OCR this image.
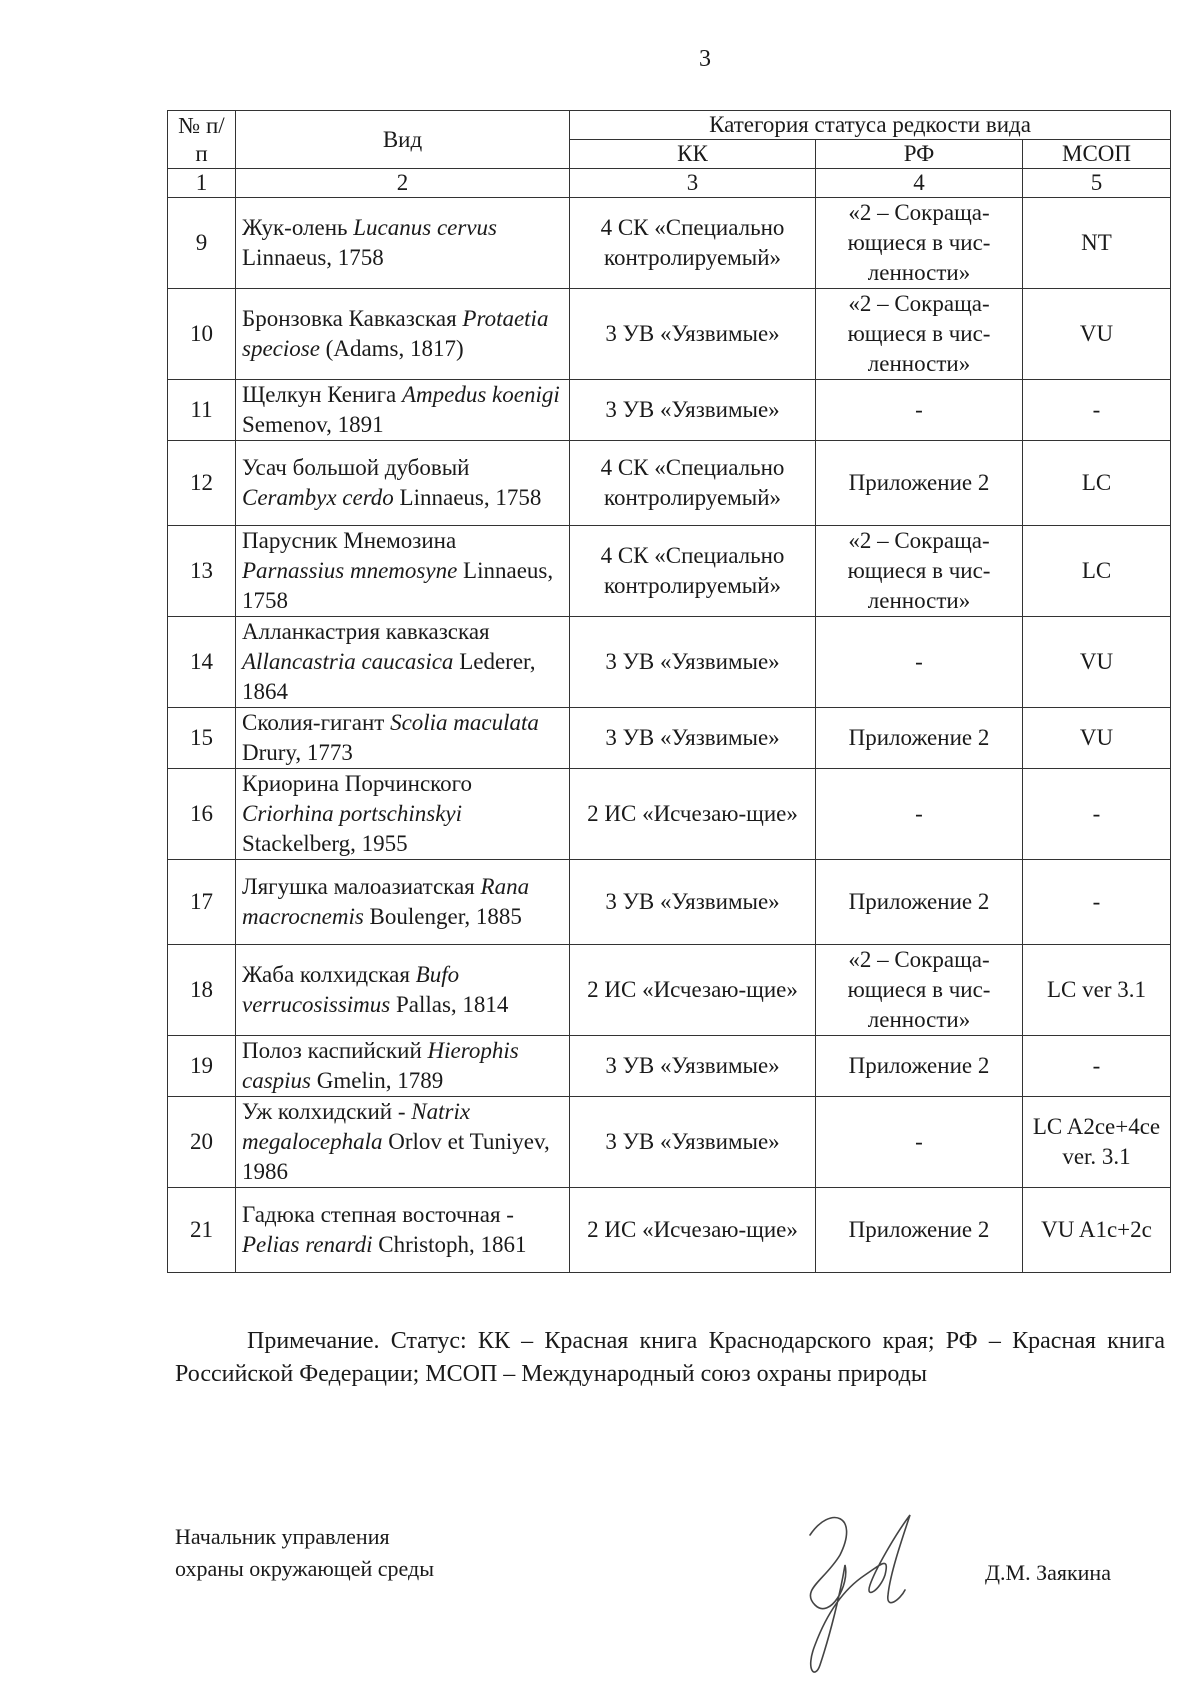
3
№ п/п	Вид	Категория статуса редкости вида		
		КК	РФ	МСОП
1	2	3	4	5
9	Жук-олень Lucanus cervus Linnaeus, 1758	4 СК «Специально контролируемый»	«2 – Сокраща-ющиеся в чис-ленности»	NT
10	Бронзовка Кавказская Protaetia speciose (Adams, 1817)	3 УВ «Уязвимые»	«2 – Сокраща-ющиеся в чис-ленности»	VU
11	Щелкун Кенига Ampedus koenigi Semenov, 1891	3 УВ «Уязвимые»	-	-
12	Усач большой дубовый Cerambyx cerdo Linnaeus, 1758	4 СК «Специально контролируемый»	Приложение 2	LC
13	Парусник Мнемозина Parnassius mnemosyne Linnaeus, 1758	4 СК «Специально контролируемый»	«2 – Сокраща-ющиеся в чис-ленности»	LC
14	Алланкастрия кавказская Allancastria caucasica Lederer, 1864	3 УВ «Уязвимые»	-	VU
15	Сколия-гигант Scolia maculata Drury, 1773	3 УВ «Уязвимые»	Приложение 2	VU
16	Криорина Порчинского Criorhina portschinskyi Stackelberg, 1955	2 ИС «Исчезаю-щие»	-	-
17	Лягушка малоазиатская Rana macrocnemis Boulenger, 1885	3 УВ «Уязвимые»	Приложение 2	-
18	Жаба колхидская Bufo verrucosissimus Pallas, 1814	2 ИС «Исчезаю-щие»	«2 – Сокраща-ющиеся в чис-ленности»	LC ver 3.1
19	Полоз каспийский Hierophis caspius Gmelin, 1789	3 УВ «Уязвимые»	Приложение 2	-
20	Уж колхидский - Natrix megalocephala Orlov et Tuniyev, 1986	3 УВ «Уязвимые»	-	LC A2ce+4ce ver. 3.1
21	Гадюка степная восточная - Pelias renardi Christoph, 1861	2 ИС «Исчезаю-щие»	Приложение 2	VU A1c+2c
Примечание. Статус: КК – Красная книга Краснодарского края; РФ – Красная книга Российской Федерации; МСОП – Международный союз охраны природы
Начальник управления
охраны окружающей среды	Д.М. Заякина
